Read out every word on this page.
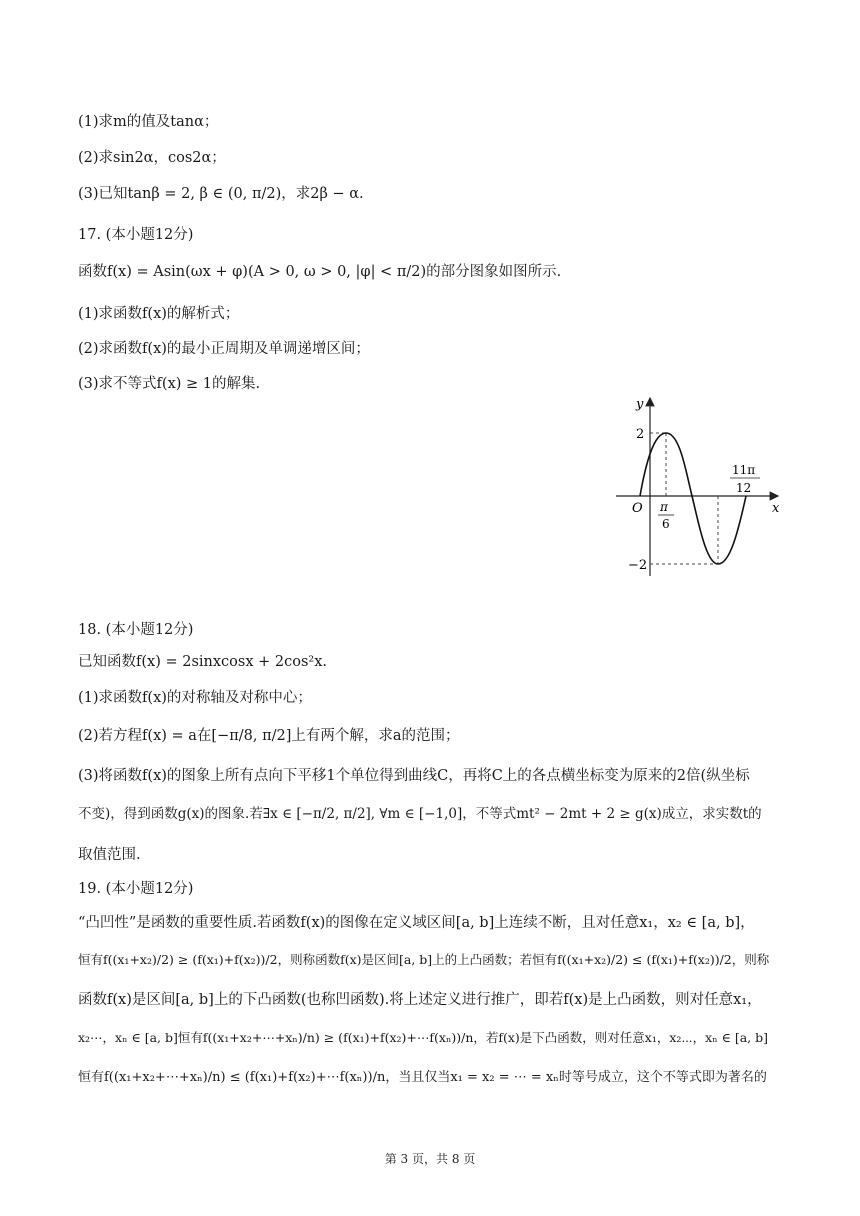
(1)求m的值及tanα；
(2)求sin2α，cos2α；
(3)已知tanβ = 2, β ∈ (0, π/2)，求2β − α.
17. (本小题12分)
函数f(x) = Asin(ωx + φ)(A > 0, ω > 0, |φ| < π/2)的部分图象如图所示.
(1)求函数f(x)的解析式；
(2)求函数f(x)的最小正周期及单调递增区间；
(3)求不等式f(x) ≥ 1的解集.
y
x
O
2
−2
π
6
11π
12
18. (本小题12分)
已知函数f(x) = 2sinxcosx + 2cos²x.
(1)求函数f(x)的对称轴及对称中心；
(2)若方程f(x) = a在[−π/8, π/2]上有两个解，求a的范围；
(3)将函数f(x)的图象上所有点向下平移1个单位得到曲线C，再将C上的各点横坐标变为原来的2倍(纵坐标
不变)，得到函数g(x)的图象.若∃x ∈ [−π/2, π/2], ∀m ∈ [−1,0]，不等式mt² − 2mt + 2 ≥ g(x)成立，求实数t的
取值范围.
19. (本小题12分)
“凸凹性”是函数的重要性质.若函数f(x)的图像在定义域区间[a, b]上连续不断，且对任意x₁，x₂ ∈ [a, b]，
恒有f((x₁+x₂)/2) ≥ (f(x₁)+f(x₂))/2，则称函数f(x)是区间[a, b]上的上凸函数；若恒有f((x₁+x₂)/2) ≤ (f(x₁)+f(x₂))/2，则称
函数f(x)是区间[a, b]上的下凸函数(也称凹函数).将上述定义进行推广，即若f(x)是上凸函数，则对任意x₁，
x₂⋯，xₙ ∈ [a, b]恒有f((x₁+x₂+⋯+xₙ)/n) ≥ (f(x₁)+f(x₂)+⋯f(xₙ))/n，若f(x)是下凸函数，则对任意x₁，x₂⋯，xₙ ∈ [a, b]
恒有f((x₁+x₂+⋯+xₙ)/n) ≤ (f(x₁)+f(x₂)+⋯f(xₙ))/n，当且仅当x₁ = x₂ = ⋯ = xₙ时等号成立，这个不等式即为著名的
第 3 页，共 8 页
